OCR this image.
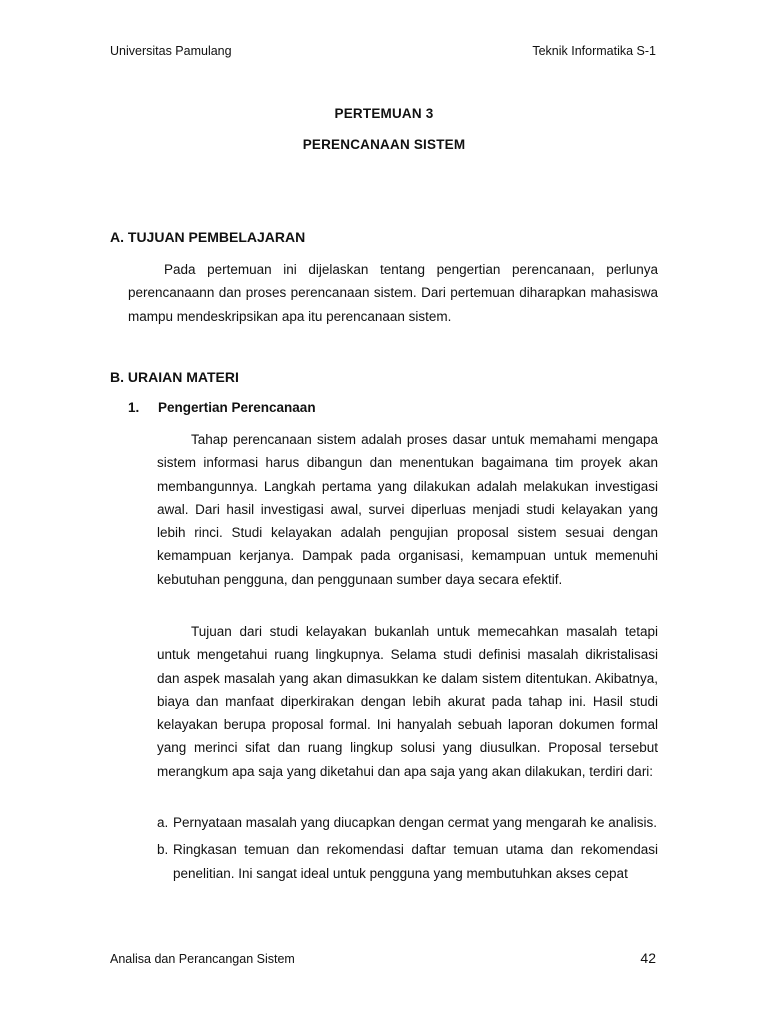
Universitas Pamulang	Teknik Informatika S-1
PERTEMUAN 3
PERENCANAAN SISTEM
A. TUJUAN PEMBELAJARAN

Pada pertemuan ini dijelaskan tentang pengertian perencanaan, perlunya perencanaann dan proses perencanaan sistem. Dari pertemuan diharapkan mahasiswa mampu mendeskripsikan apa itu perencanaan sistem.

B. URAIAN MATERI
1. Pengertian Perencanaan

Tahap perencanaan sistem adalah proses dasar untuk memahami mengapa sistem informasi harus dibangun dan menentukan bagaimana tim proyek akan membangunnya. Langkah pertama yang dilakukan adalah melakukan investigasi awal. Dari hasil investigasi awal, survei diperluas menjadi studi kelayakan yang lebih rinci. Studi kelayakan adalah pengujian proposal sistem sesuai dengan kemampuan kerjanya. Dampak pada organisasi, kemampuan untuk memenuhi kebutuhan pengguna, dan penggunaan sumber daya secara efektif.

Tujuan dari studi kelayakan bukanlah untuk memecahkan masalah tetapi untuk mengetahui ruang lingkupnya. Selama studi definisi masalah dikristalisasi dan aspek masalah yang akan dimasukkan ke dalam sistem ditentukan. Akibatnya, biaya dan manfaat diperkirakan dengan lebih akurat pada tahap ini. Hasil studi kelayakan berupa proposal formal. Ini hanyalah sebuah laporan dokumen formal yang merinci sifat dan ruang lingkup solusi yang diusulkan. Proposal tersebut merangkum apa saja yang diketahui dan apa saja yang akan dilakukan, terdiri dari:

a. Pernyataan masalah yang diucapkan dengan cermat yang mengarah ke analisis.
b. Ringkasan temuan dan rekomendasi daftar temuan utama dan rekomendasi penelitian. Ini sangat ideal untuk pengguna yang membutuhkan akses cepat
Analisa dan Perancangan Sistem	42
